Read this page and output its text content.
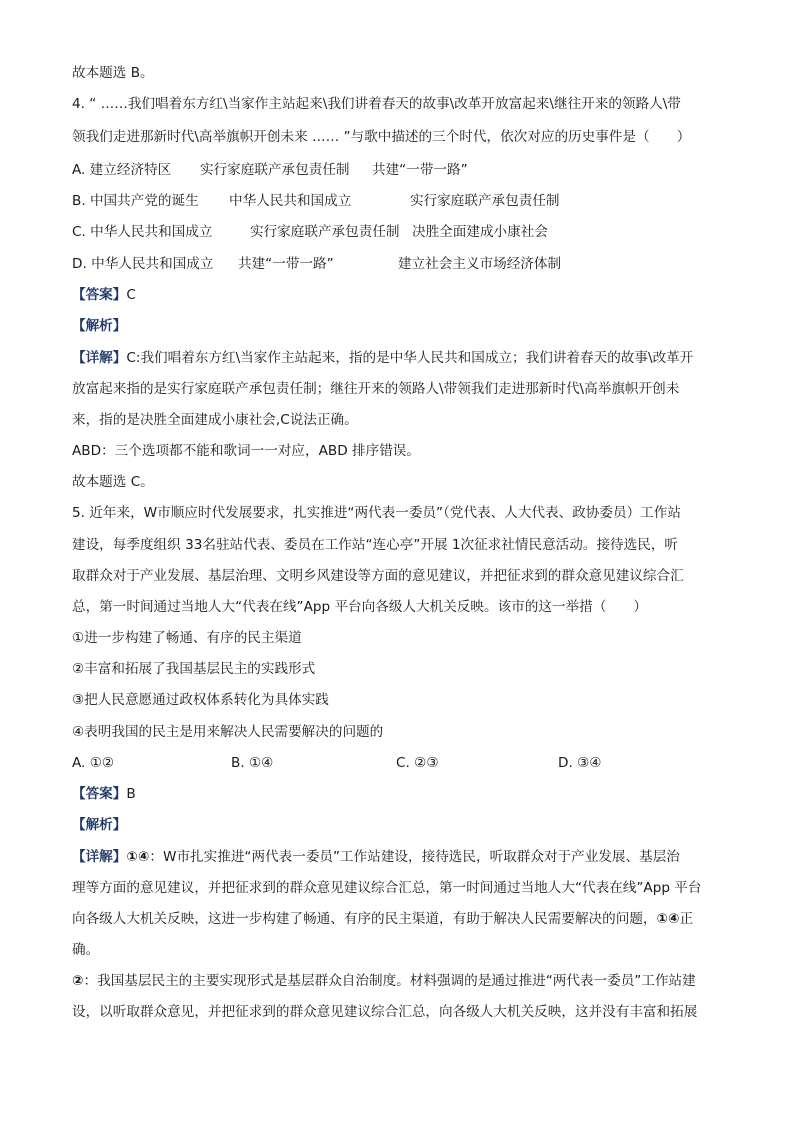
故本题选 B。
4. “ ……我们唱着东方红\当家作主站起来\我们讲着春天的故事\改革开放富起来\继往开来的领路人\带
领我们走进那新时代\高举旗帜开创未来 …… ”与歌中描述的三个时代，依次对应的历史事件是（　　）
A. 建立经济特区 实行家庭联产承包责任制 共建“一带一路”
B. 中国共产党的诞生 中华人民共和国成立	实行家庭联产承包责任制
C. 中华人民共和国成立	实行家庭联产承包责任制 决胜全面建成小康社会
D. 中华人民共和国成立 共建“一带一路”	建立社会主义市场经济体制
【答案】C
【解析】
【详解】C:我们唱着东方红\当家作主站起来，指的是中华人民共和国成立；我们讲着春天的故事\改革开
放富起来指的是实行家庭联产承包责任制；继往开来的领路人\带领我们走进那新时代\高举旗帜开创未
来，指的是决胜全面建成小康社会,C说法正确。
ABD：三个选项都不能和歌词一一对应，ABD 排序错误。
故本题选 C。
5. 近年来，W市顺应时代发展要求，扎实推进“两代表一委员”（党代表、人大代表、政协委员）工作站
建设，每季度组织 33名驻站代表、委员在工作站“连心亭”开展 1次征求社情民意活动。接待选民，听
取群众对于产业发展、基层治理、文明乡风建设等方面的意见建议，并把征求到的群众意见建议综合汇
总，第一时间通过当地人大“代表在线”App 平台向各级人大机关反映。该市的这一举措（　　）
①进一步构建了畅通、有序的民主渠道
②丰富和拓展了我国基层民主的实践形式
③把人民意愿通过政权体系转化为具体实践
④表明我国的民主是用来解决人民需要解决的问题的
A. ①②	B. ①④	C. ②③	D. ③④
【答案】B
【解析】
【详解】①④：W市扎实推进“两代表一委员”工作站建设，接待选民，听取群众对于产业发展、基层治
理等方面的意见建议，并把征求到的群众意见建议综合汇总，第一时间通过当地人大“代表在线”App 平台
向各级人大机关反映，这进一步构建了畅通、有序的民主渠道，有助于解决人民需要解决的问题，①④正
确。
②：我国基层民主的主要实现形式是基层群众自治制度。材料强调的是通过推进“两代表一委员”工作站建
设，以听取群众意见，并把征求到的群众意见建议综合汇总，向各级人大机关反映，这并没有丰富和拓展
